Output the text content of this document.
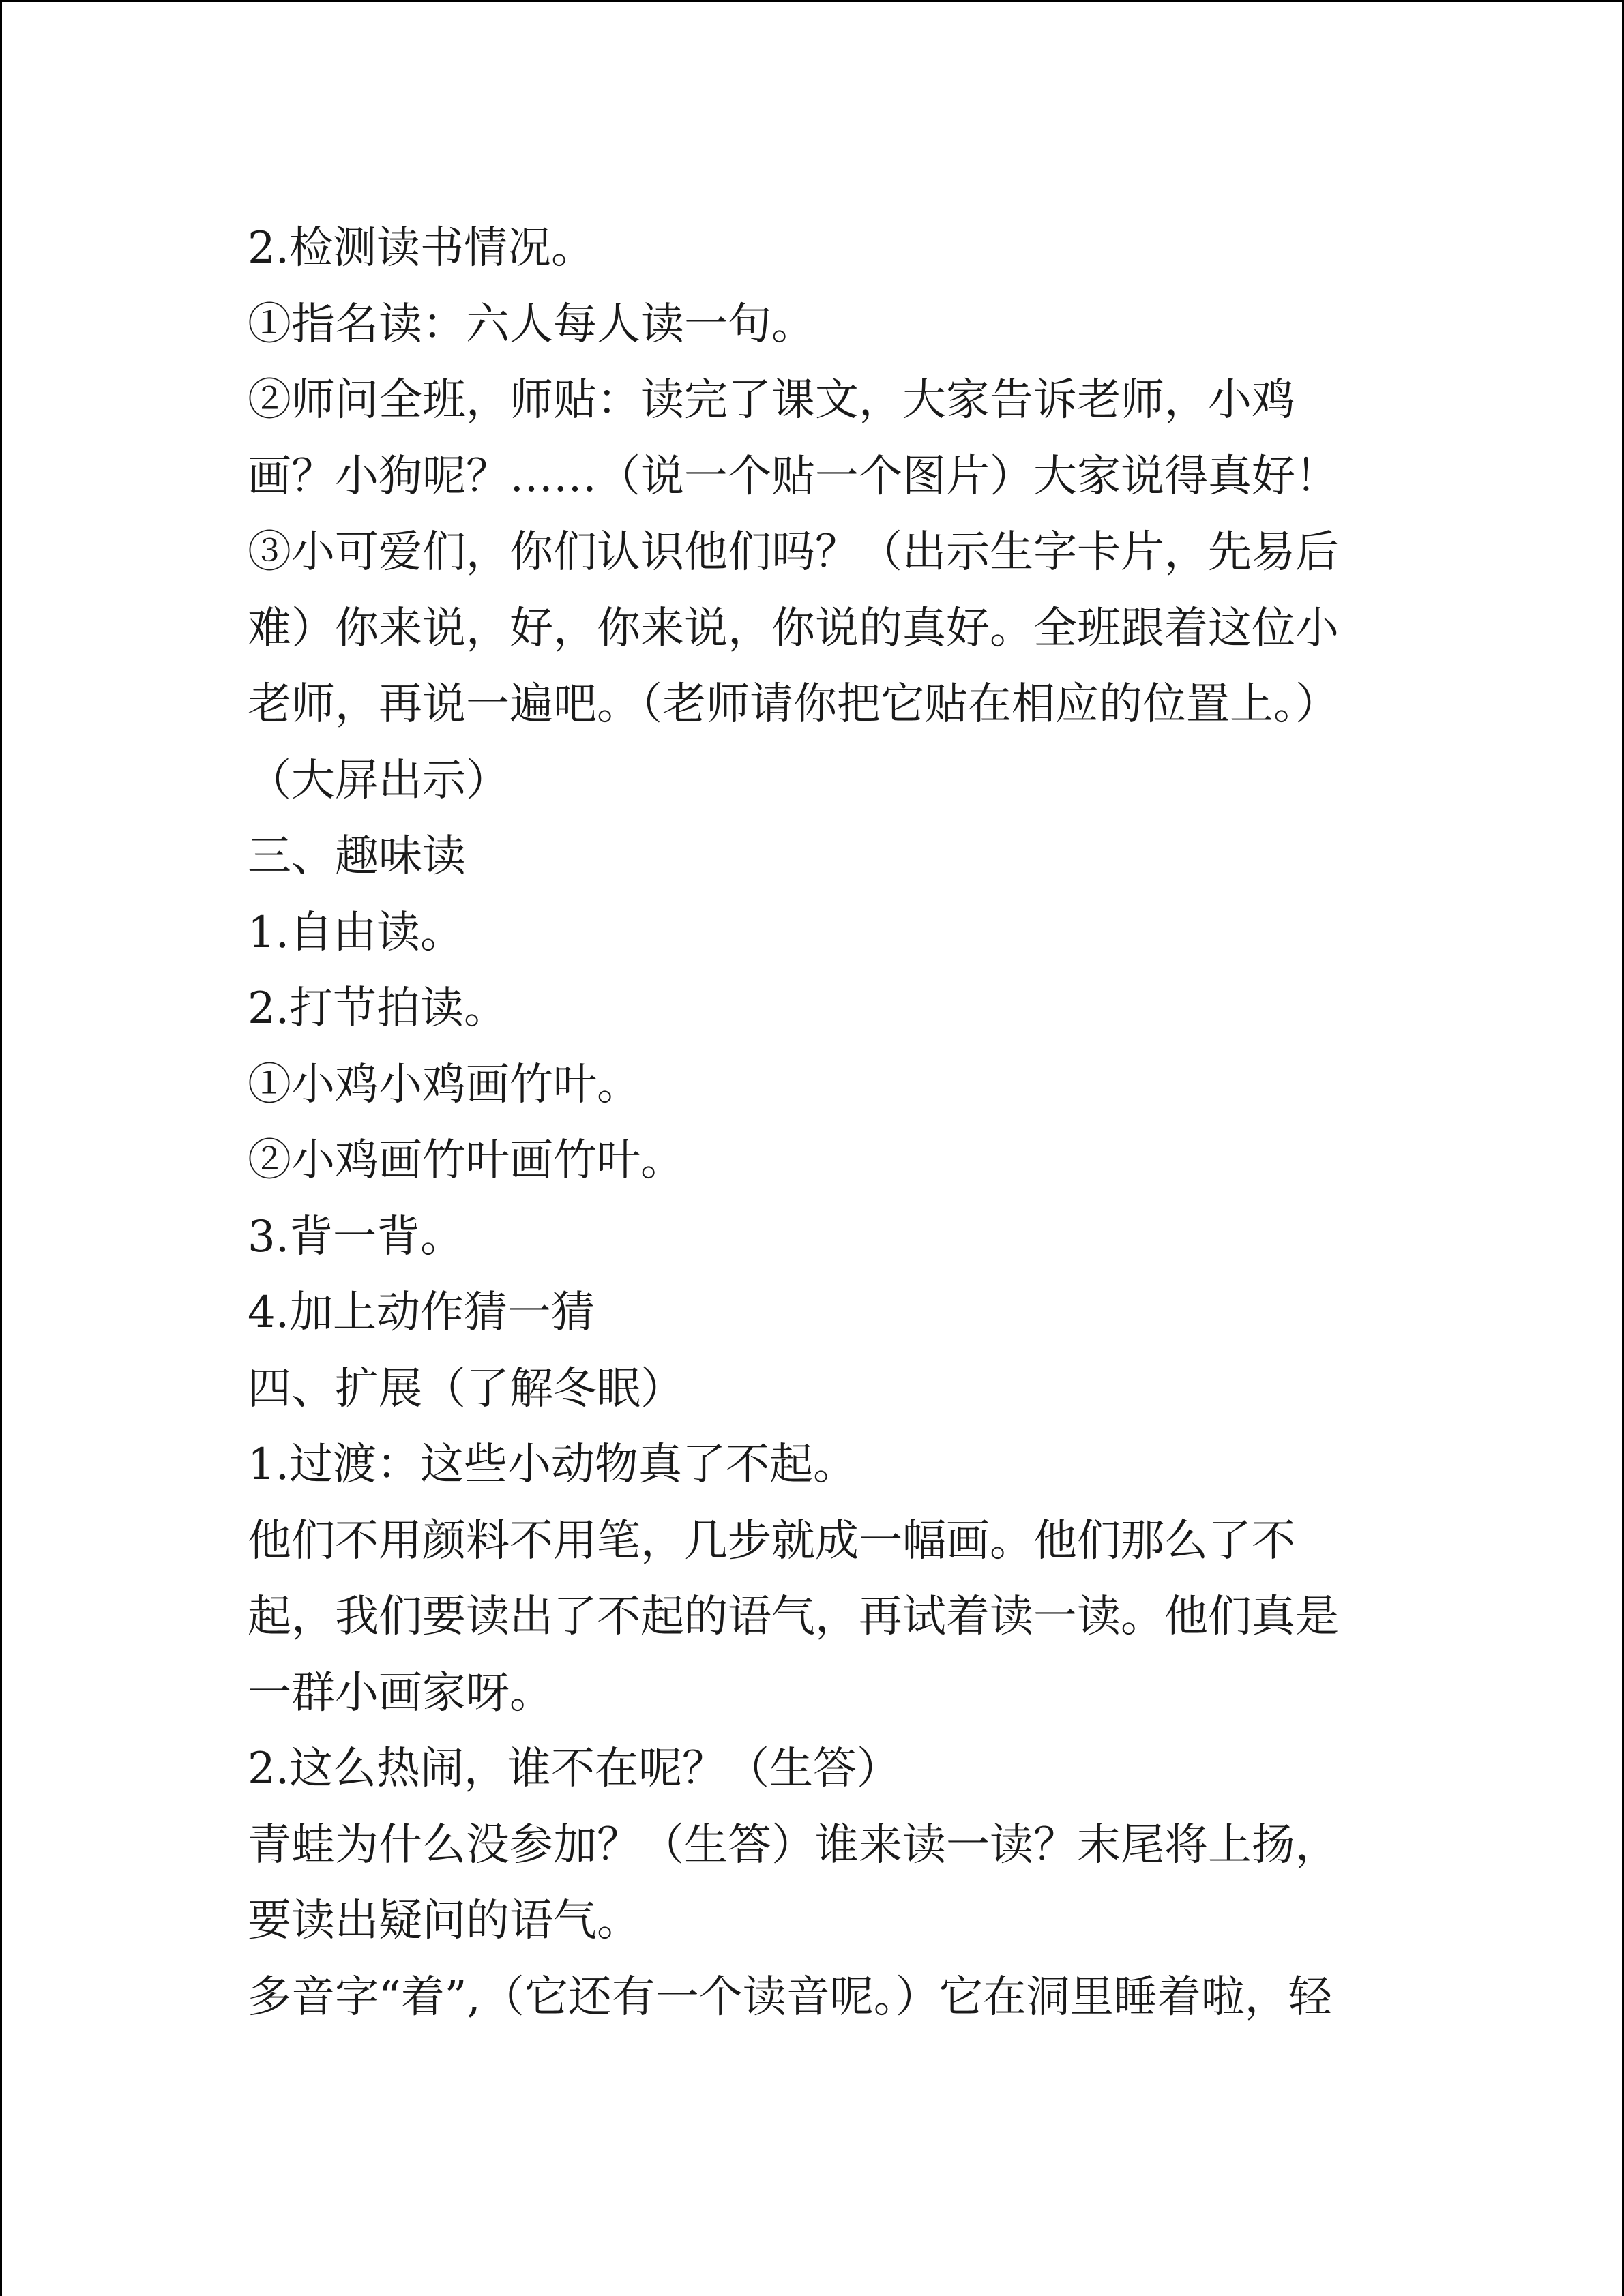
2.检测读书情况。
①指名读：六人每人读一句。
②师问全班，师贴：读完了课文，大家告诉老师，小鸡
画？小狗呢？……（说一个贴一个图片）大家说得真好！
③小可爱们，你们认识他们吗？（出示生字卡片，先易后
难）你来说，好，你来说，你说的真好。全班跟着这位小
老师，再说一遍吧。（老师请你把它贴在相应的位置上。）
（大屏出示）
三、趣味读
1.自由读。
2.打节拍读。
①小鸡小鸡画竹叶。
②小鸡画竹叶画竹叶。
3.背一背。
4.加上动作猜一猜
四、扩展（了解冬眠）
1.过渡：这些小动物真了不起。
他们不用颜料不用笔，几步就成一幅画。他们那么了不
起，我们要读出了不起的语气，再试着读一读。他们真是
一群小画家呀。
2.这么热闹，谁不在呢？（生答）
青蛙为什么没参加？（生答）谁来读一读？末尾将上扬，
要读出疑问的语气。
多音字“着”,（它还有一个读音呢。）它在洞里睡着啦，轻
